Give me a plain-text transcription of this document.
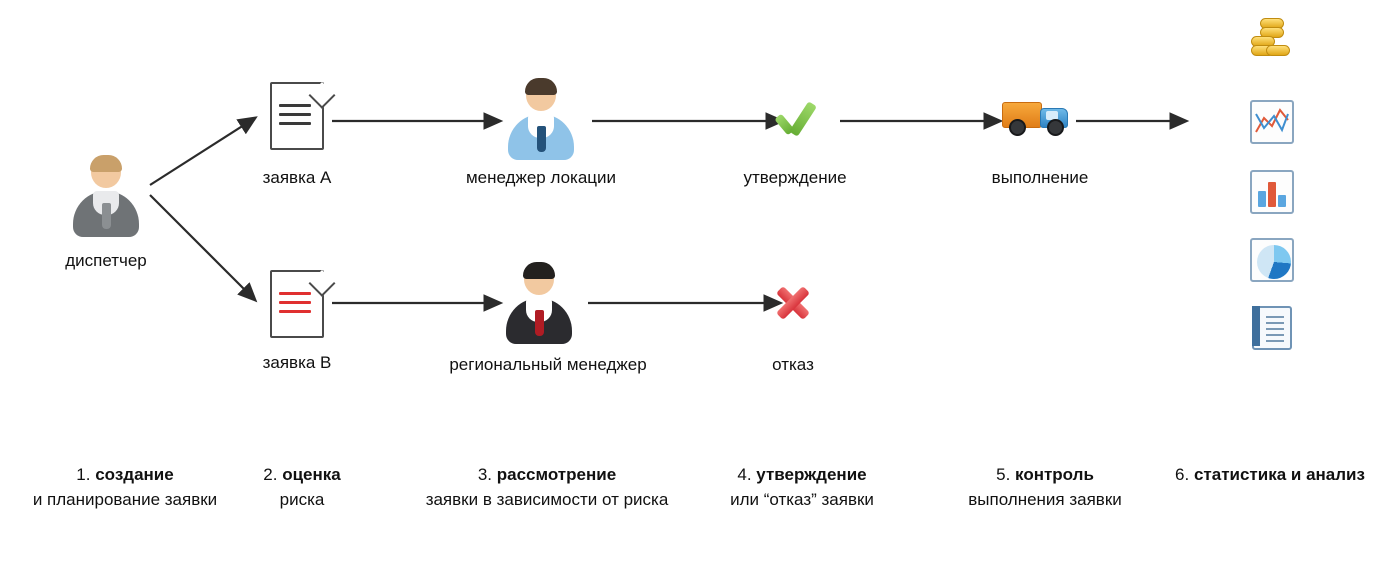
диспетчер
заявка А
заявка В
менеджер локации
региональный менеджер
утверждение
отказ
выполнение
1. создание
и планирование заявки
2. оценка
риска
3. рассмотрение
заявки в зависимости от риска
4. утверждение
или “отказ” заявки
5. контроль
выполнения заявки
6. статистика и анализ
